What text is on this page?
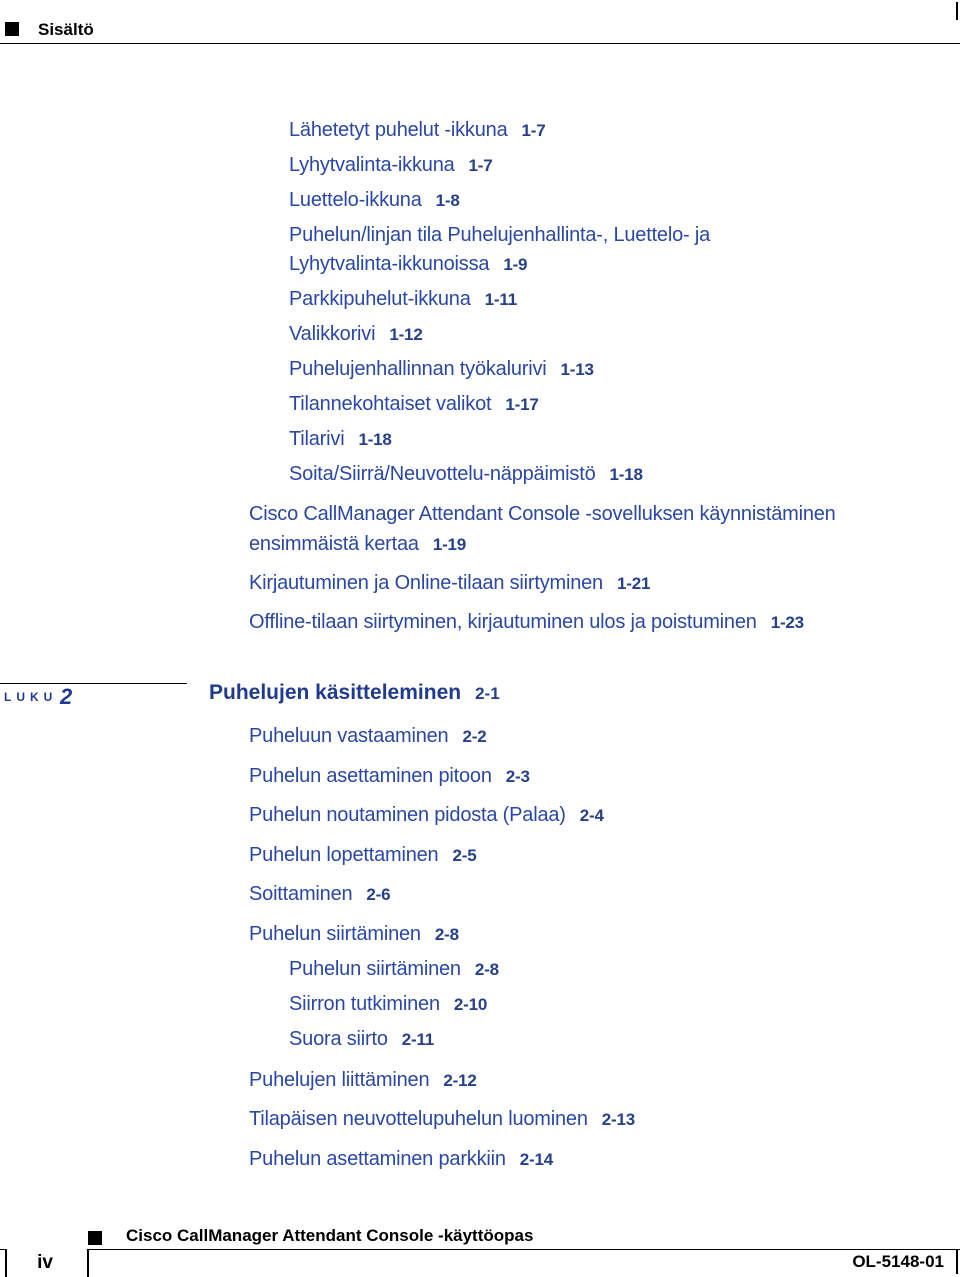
Sisältö
Lähetetyt puhelut -ikkuna 1-7
Lyhytvalinta-ikkuna 1-7
Luettelo-ikkuna 1-8
Puhelun/linjan tila Puhelujenhallinta-, Luettelo- ja
Lyhytvalinta-ikkunoissa 1-9
Parkkipuhelut-ikkuna 1-11
Valikkorivi 1-12
Puhelujenhallinnan työkalurivi 1-13
Tilannekohtaiset valikot 1-17
Tilarivi 1-18
Soita/Siirrä/Neuvottelu-näppäimistö 1-18
Cisco CallManager Attendant Console -sovelluksen käynnistäminen
ensimmäistä kertaa 1-19
Kirjautuminen ja Online-tilaan siirtyminen 1-21
Offline-tilaan siirtyminen, kirjautuminen ulos ja poistuminen 1-23
LUKU 2	Puhelujen käsitteleminen 2-1
Puheluun vastaaminen 2-2
Puhelun asettaminen pitoon 2-3
Puhelun noutaminen pidosta (Palaa) 2-4
Puhelun lopettaminen 2-5
Soittaminen 2-6
Puhelun siirtäminen 2-8
Puhelun siirtäminen 2-8
Siirron tutkiminen 2-10
Suora siirto 2-11
Puhelujen liittäminen 2-12
Tilapäisen neuvottelupuhelun luominen 2-13
Puhelun asettaminen parkkiin 2-14
Cisco CallManager Attendant Console -käyttöopas
iv	OL-5148-01
